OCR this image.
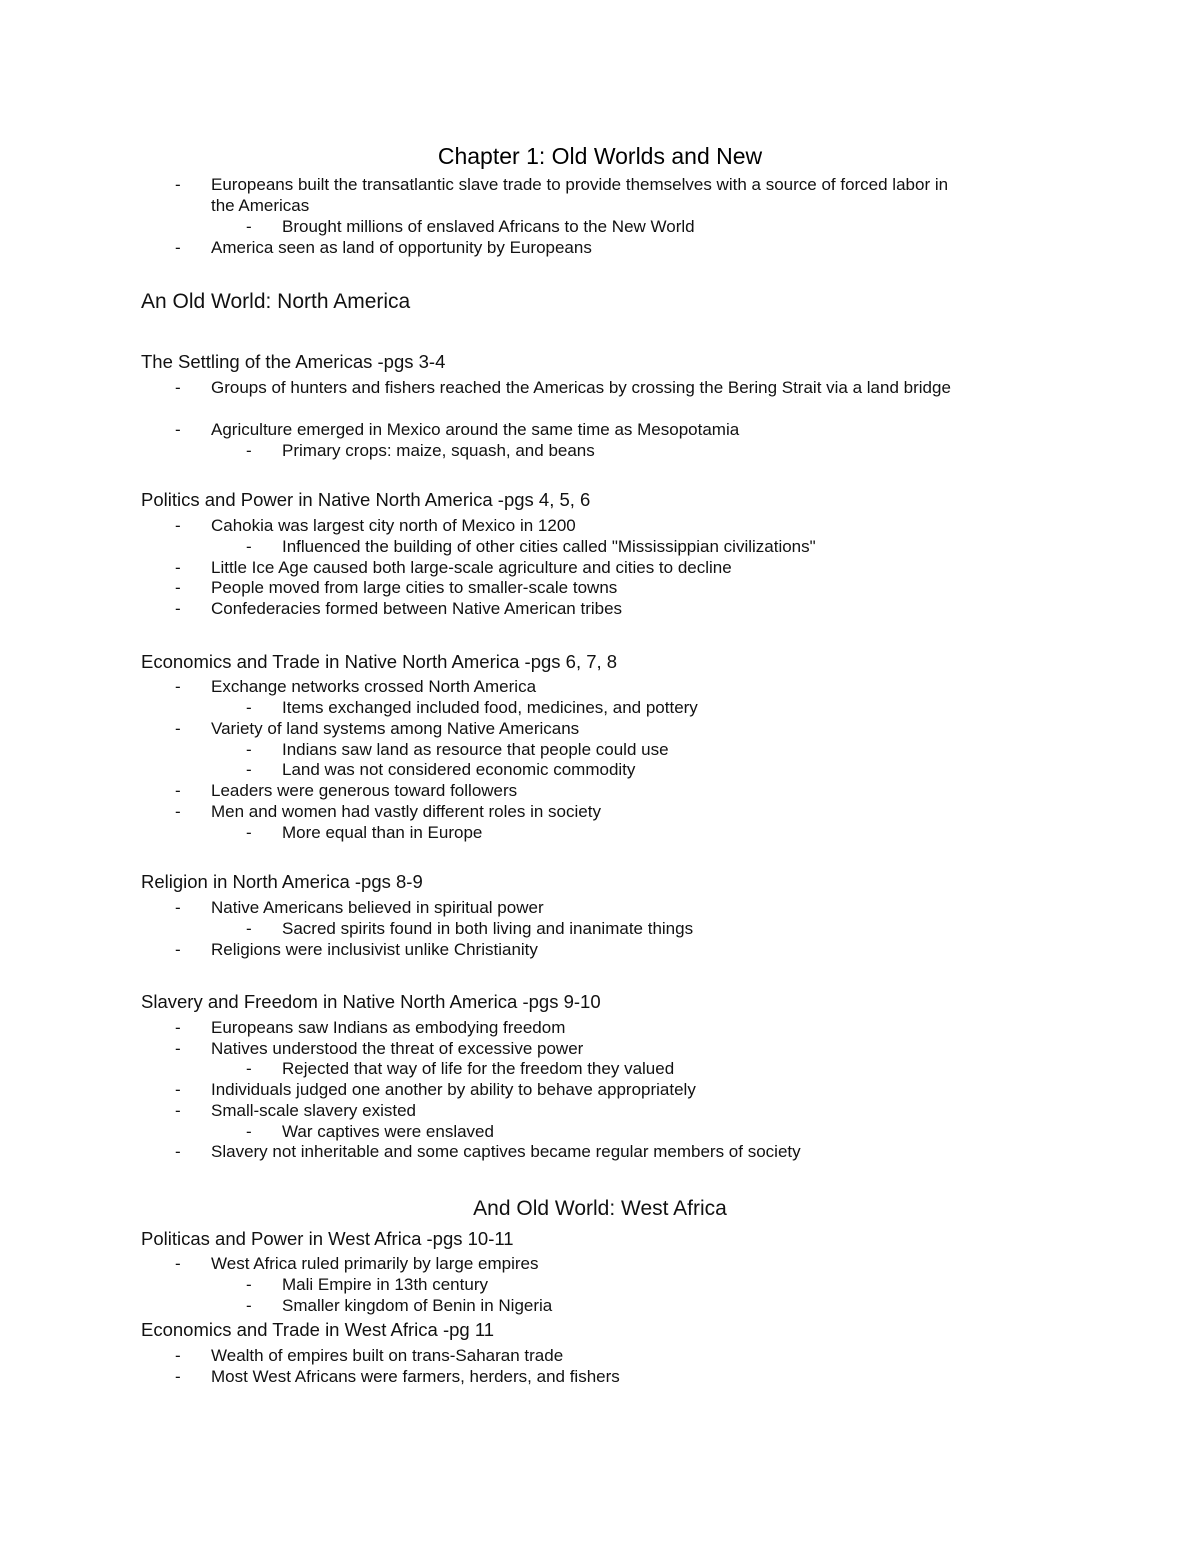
Chapter 1: Old Worlds and New
- Europeans built the transatlantic slave trade to provide themselves with a source of forced labor in the Americas
- Brought millions of enslaved Africans to the New World
- America seen as land of opportunity by Europeans
An Old World: North America
The Settling of the Americas -pgs 3-4
- Groups of hunters and fishers reached the Americas by crossing the Bering Strait via a land bridge
- Agriculture emerged in Mexico around the same time as Mesopotamia
- Primary crops: maize, squash, and beans
Politics and Power in Native North America -pgs 4, 5, 6
- Cahokia was largest city north of Mexico in 1200
- Influenced the building of other cities called "Mississippian civilizations"
- Little Ice Age caused both large-scale agriculture and cities to decline
- People moved from large cities to smaller-scale towns
- Confederacies formed between Native American tribes
Economics and Trade in Native North America -pgs 6, 7, 8
- Exchange networks crossed North America
- Items exchanged included food, medicines, and pottery
- Variety of land systems among Native Americans
- Indians saw land as resource that people could use
- Land was not considered economic commodity
- Leaders were generous toward followers
- Men and women had vastly different roles in society
- More equal than in Europe
Religion in North America -pgs 8-9
- Native Americans believed in spiritual power
- Sacred spirits found in both living and inanimate things
- Religions were inclusivist unlike Christianity
Slavery and Freedom in Native North America -pgs 9-10
- Europeans saw Indians as embodying freedom
- Natives understood the threat of excessive power
- Rejected that way of life for the freedom they valued
- Individuals judged one another by ability to behave appropriately
- Small-scale slavery existed
- War captives were enslaved
- Slavery not inheritable and some captives became regular members of society
And Old World: West Africa
Politicas and Power in West Africa -pgs 10-11
- West Africa ruled primarily by large empires
- Mali Empire in 13th century
- Smaller kingdom of Benin in Nigeria
Economics and Trade in West Africa -pg 11
- Wealth of empires built on trans-Saharan trade
- Most West Africans were farmers, herders, and fishers
